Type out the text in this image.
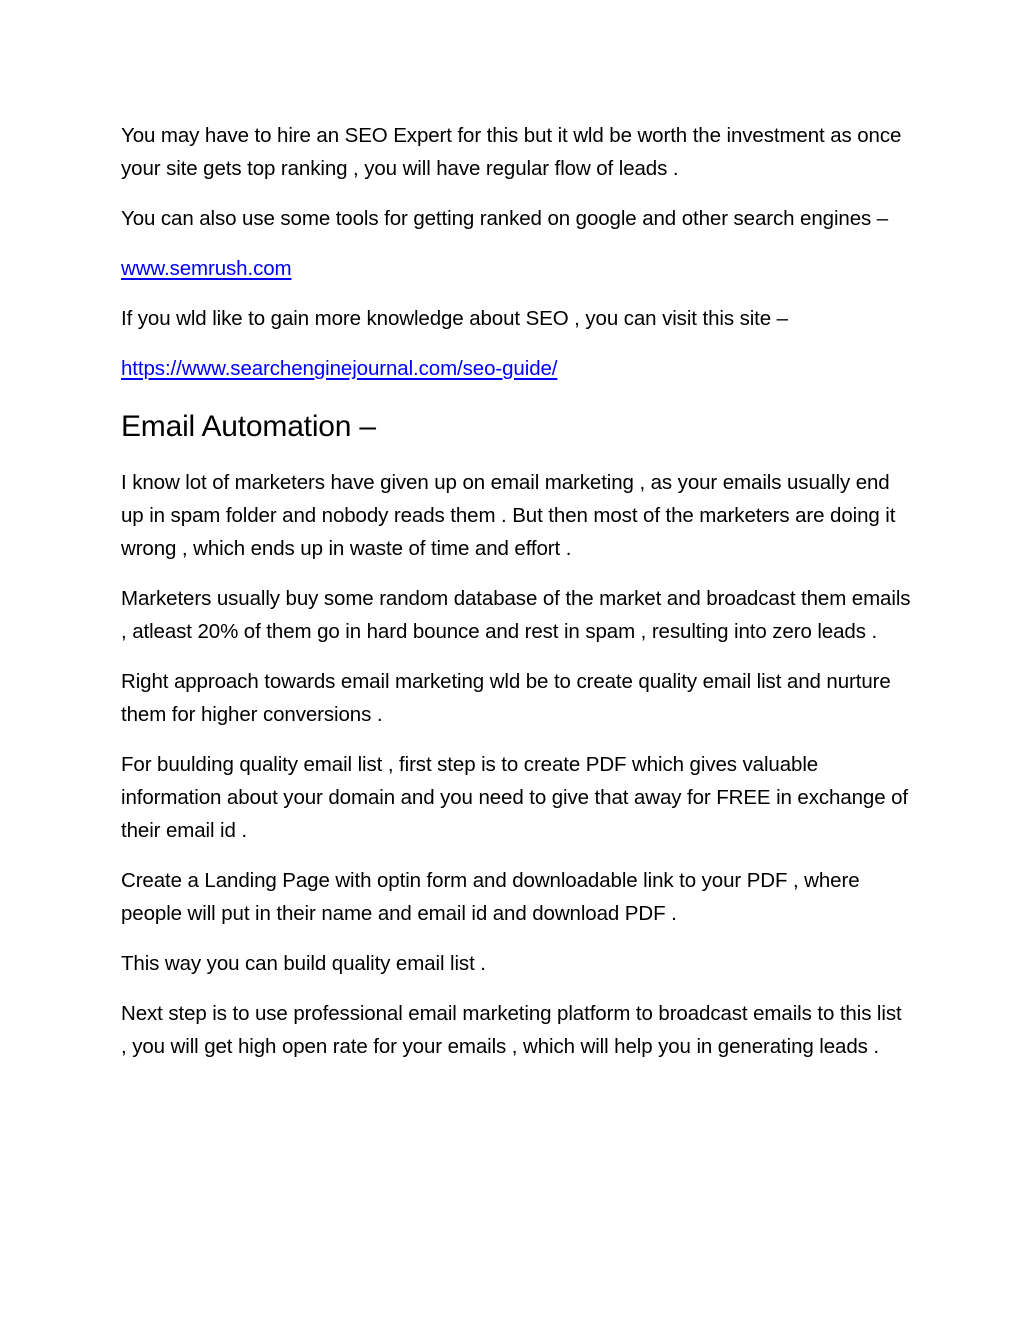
You may have to hire an SEO Expert for this but it wld be worth the investment as once your site gets top ranking , you will have regular flow of leads .

You can also use some tools for getting ranked on google and other search engines –

www.semrush.com

If you wld like to gain more knowledge about SEO , you can visit this site –

https://www.searchenginejournal.com/seo-guide/

Email Automation –

I know lot of marketers have given up on email marketing , as your emails usually end up in spam folder and nobody reads them . But then most of the marketers are doing it wrong , which ends up in waste of time and effort .

Marketers usually buy some random database of the market and broadcast them emails , atleast 20% of them go in hard bounce and rest in spam , resulting into zero leads .

Right approach towards email marketing wld be to create quality email list and nurture them for higher conversions .

For buulding quality email list , first step is to create PDF which gives valuable information about your domain and you need to give that away for FREE in exchange of their email id .

Create a Landing Page with optin form and downloadable link to your PDF , where people will put in their name and email id and download PDF .

This way you can build quality email list .

Next step is to use professional email marketing platform to broadcast emails to this list , you will get high open rate for your emails , which will help you in generating leads .
